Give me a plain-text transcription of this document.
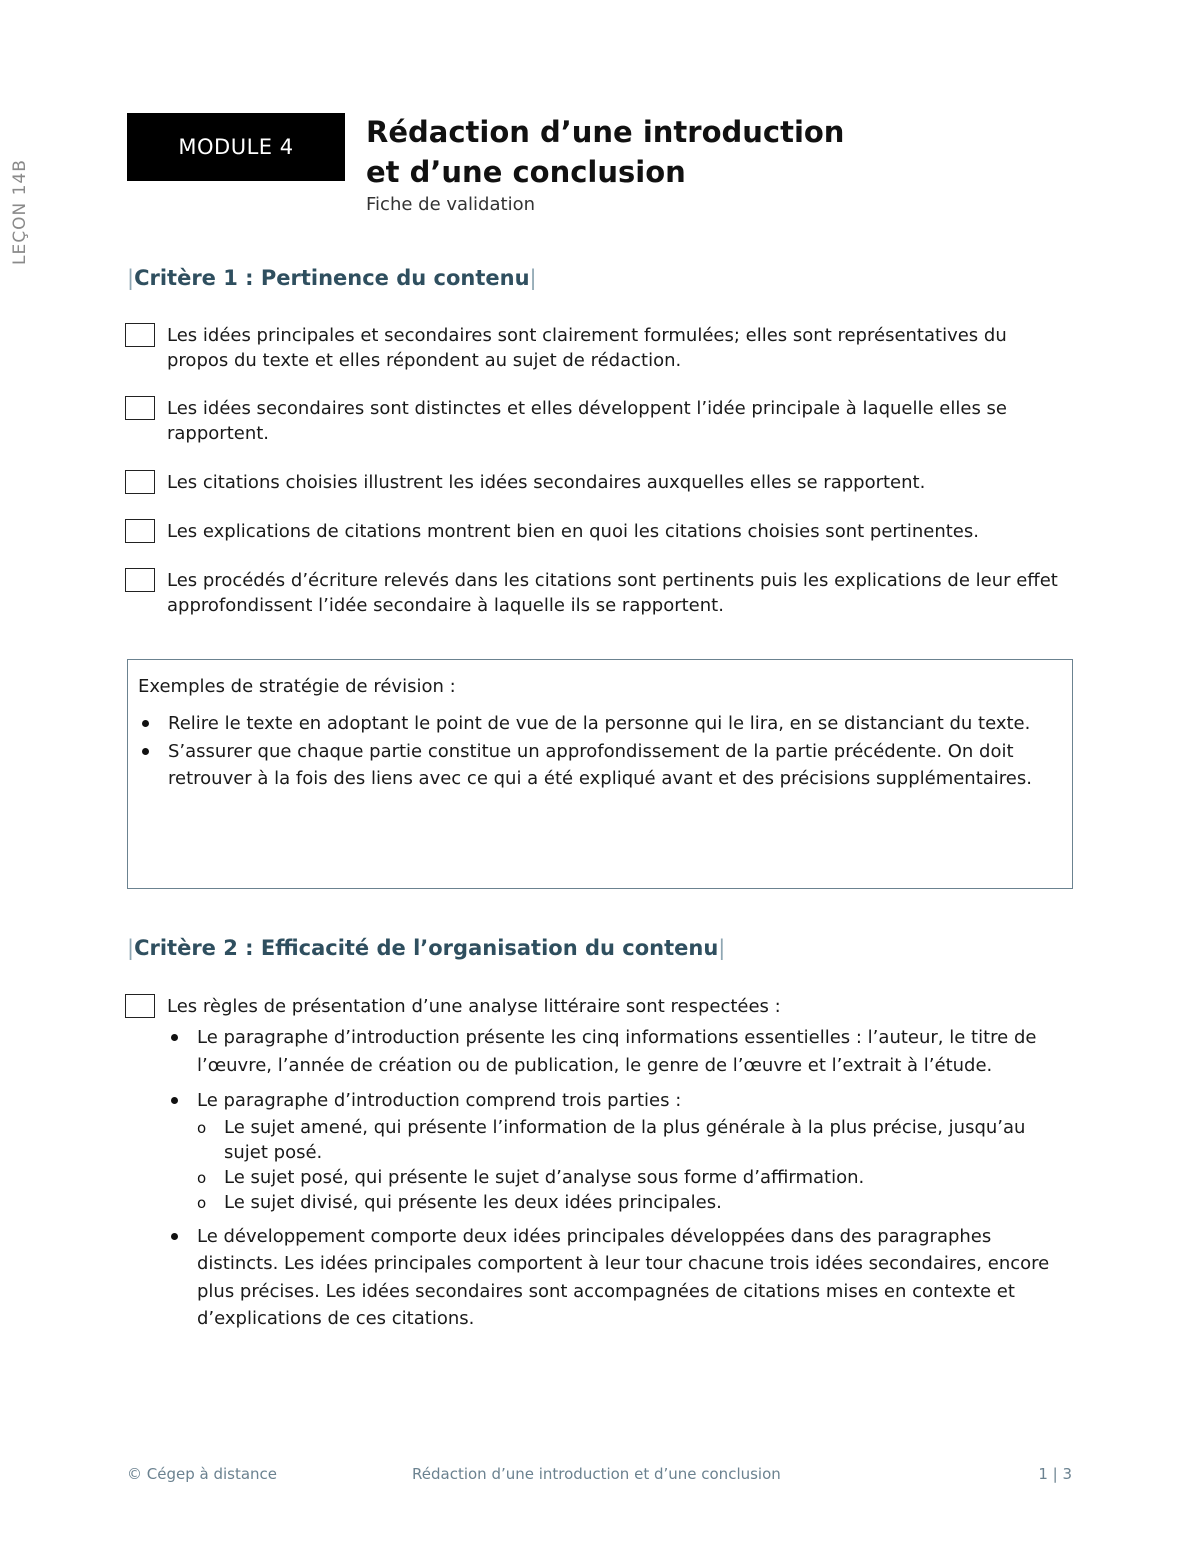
LEÇON 14B
MODULE 4	Rédaction d’une introduction
et d’une conclusion
Fiche de validation
|Critère 1 : Pertinence du contenu|
Les idées principales et secondaires sont clairement formulées; elles sont représentatives du propos du texte et elles répondent au sujet de rédaction.
Les idées secondaires sont distinctes et elles développent l’idée principale à laquelle elles se rapportent.
Les citations choisies illustrent les idées secondaires auxquelles elles se rapportent.
Les explications de citations montrent bien en quoi les citations choisies sont pertinentes.
Les procédés d’écriture relevés dans les citations sont pertinents puis les explications de leur effet approfondissent l’idée secondaire à laquelle ils se rapportent.
Exemples de stratégie de révision :
Relire le texte en adoptant le point de vue de la personne qui le lira, en se distanciant du texte.
S’assurer que chaque partie constitue un approfondissement de la partie précédente. On doit retrouver à la fois des liens avec ce qui a été expliqué avant et des précisions supplémentaires.
|Critère 2 : Efficacité de l’organisation du contenu|
Les règles de présentation d’une analyse littéraire sont respectées :
Le paragraphe d’introduction présente les cinq informations essentielles : l’auteur, le titre de l’œuvre, l’année de création ou de publication, le genre de l’œuvre et l’extrait à l’étude.
Le paragraphe d’introduction comprend trois parties :
o Le sujet amené, qui présente l’information de la plus générale à la plus précise, jusqu’au sujet posé.
o Le sujet posé, qui présente le sujet d’analyse sous forme d’affirmation.
o Le sujet divisé, qui présente les deux idées principales.
Le développement comporte deux idées principales développées dans des paragraphes distincts. Les idées principales comportent à leur tour chacune trois idées secondaires, encore plus précises. Les idées secondaires sont accompagnées de citations mises en contexte et d’explications de ces citations.
© Cégep à distance	Rédaction d’une introduction et d’une conclusion	1 | 3
